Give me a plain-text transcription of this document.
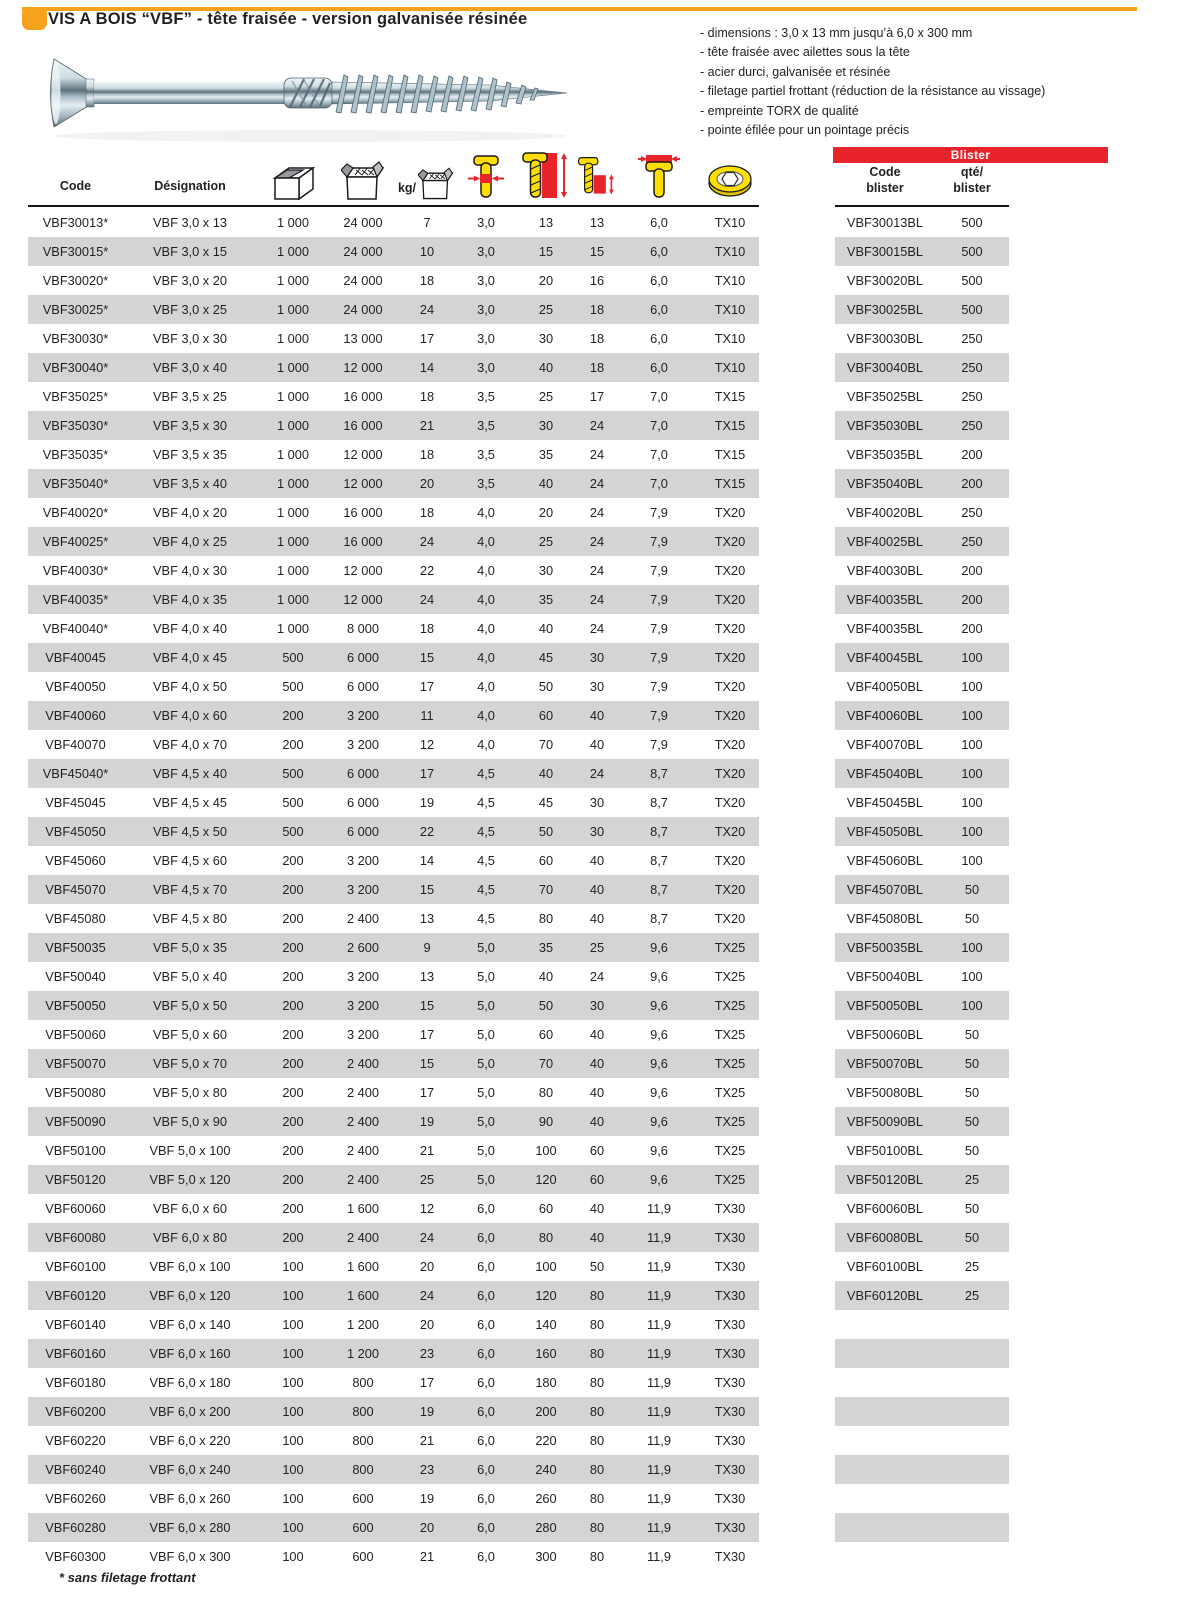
VIS A BOIS “VBF” - tête fraisée - version galvanisée résinée
- dimensions : 3,0 x 13 mm jusqu’à 6,0 x 300 mm
- tête fraisée avec ailettes sous la tête
- acier durci, galvanisée et résinée
- filetage partiel frottant (réduction de la résistance au vissage)
- empreinte TORX de qualité
- pointe éfilée pour un pointage précis
Code	Désignation	kg/
VBF30013*	VBF 3,0 x 13	1 000	24 000	7	3,0	13	13	6,0	TX10
VBF30015*	VBF 3,0 x 15	1 000	24 000	10	3,0	15	15	6,0	TX10
VBF30020*	VBF 3,0 x 20	1 000	24 000	18	3,0	20	16	6,0	TX10
VBF30025*	VBF 3,0 x 25	1 000	24 000	24	3,0	25	18	6,0	TX10
VBF30030*	VBF 3,0 x 30	1 000	13 000	17	3,0	30	18	6,0	TX10
VBF30040*	VBF 3,0 x 40	1 000	12 000	14	3,0	40	18	6,0	TX10
VBF35025*	VBF 3,5 x 25	1 000	16 000	18	3,5	25	17	7,0	TX15
VBF35030*	VBF 3,5 x 30	1 000	16 000	21	3,5	30	24	7,0	TX15
VBF35035*	VBF 3,5 x 35	1 000	12 000	18	3,5	35	24	7,0	TX15
VBF35040*	VBF 3,5 x 40	1 000	12 000	20	3,5	40	24	7,0	TX15
VBF40020*	VBF 4,0 x 20	1 000	16 000	18	4,0	20	24	7,9	TX20
VBF40025*	VBF 4,0 x 25	1 000	16 000	24	4,0	25	24	7,9	TX20
VBF40030*	VBF 4,0 x 30	1 000	12 000	22	4,0	30	24	7,9	TX20
VBF40035*	VBF 4,0 x 35	1 000	12 000	24	4,0	35	24	7,9	TX20
VBF40040*	VBF 4,0 x 40	1 000	8 000	18	4,0	40	24	7,9	TX20
VBF40045	VBF 4,0 x 45	500	6 000	15	4,0	45	30	7,9	TX20
VBF40050	VBF 4,0 x 50	500	6 000	17	4,0	50	30	7,9	TX20
VBF40060	VBF 4,0 x 60	200	3 200	11	4,0	60	40	7,9	TX20
VBF40070	VBF 4,0 x 70	200	3 200	12	4,0	70	40	7,9	TX20
VBF45040*	VBF 4,5 x 40	500	6 000	17	4,5	40	24	8,7	TX20
VBF45045	VBF 4,5 x 45	500	6 000	19	4,5	45	30	8,7	TX20
VBF45050	VBF 4,5 x 50	500	6 000	22	4,5	50	30	8,7	TX20
VBF45060	VBF 4,5 x 60	200	3 200	14	4,5	60	40	8,7	TX20
VBF45070	VBF 4,5 x 70	200	3 200	15	4,5	70	40	8,7	TX20
VBF45080	VBF 4,5 x 80	200	2 400	13	4,5	80	40	8,7	TX20
VBF50035	VBF 5,0 x 35	200	2 600	9	5,0	35	25	9,6	TX25
VBF50040	VBF 5,0 x 40	200	3 200	13	5,0	40	24	9,6	TX25
VBF50050	VBF 5,0 x 50	200	3 200	15	5,0	50	30	9,6	TX25
VBF50060	VBF 5,0 x 60	200	3 200	17	5,0	60	40	9,6	TX25
VBF50070	VBF 5,0 x 70	200	2 400	15	5,0	70	40	9,6	TX25
VBF50080	VBF 5,0 x 80	200	2 400	17	5,0	80	40	9,6	TX25
VBF50090	VBF 5,0 x 90	200	2 400	19	5,0	90	40	9,6	TX25
VBF50100	VBF 5,0 x 100	200	2 400	21	5,0	100	60	9,6	TX25
VBF50120	VBF 5,0 x 120	200	2 400	25	5,0	120	60	9,6	TX25
VBF60060	VBF 6,0 x 60	200	1 600	12	6,0	60	40	11,9	TX30
VBF60080	VBF 6,0 x 80	200	2 400	24	6,0	80	40	11,9	TX30
VBF60100	VBF 6,0 x 100	100	1 600	20	6,0	100	50	11,9	TX30
VBF60120	VBF 6,0 x 120	100	1 600	24	6,0	120	80	11,9	TX30
VBF60140	VBF 6,0 x 140	100	1 200	20	6,0	140	80	11,9	TX30
VBF60160	VBF 6,0 x 160	100	1 200	23	6,0	160	80	11,9	TX30
VBF60180	VBF 6,0 x 180	100	800	17	6,0	180	80	11,9	TX30
VBF60200	VBF 6,0 x 200	100	800	19	6,0	200	80	11,9	TX30
VBF60220	VBF 6,0 x 220	100	800	21	6,0	220	80	11,9	TX30
VBF60240	VBF 6,0 x 240	100	800	23	6,0	240	80	11,9	TX30
VBF60260	VBF 6,0 x 260	100	600	19	6,0	260	80	11,9	TX30
VBF60280	VBF 6,0 x 280	100	600	20	6,0	280	80	11,9	TX30
VBF60300	VBF 6,0 x 300	100	600	21	6,0	300	80	11,9	TX30
Blister
Code
blister
qté/
blister
VBF30013BL	500
VBF30015BL	500
VBF30020BL	500
VBF30025BL	500
VBF30030BL	250
VBF30040BL	250
VBF35025BL	250
VBF35030BL	250
VBF35035BL	200
VBF35040BL	200
VBF40020BL	250
VBF40025BL	250
VBF40030BL	200
VBF40035BL	200
VBF40035BL	200
VBF40045BL	100
VBF40050BL	100
VBF40060BL	100
VBF40070BL	100
VBF45040BL	100
VBF45045BL	100
VBF45050BL	100
VBF45060BL	100
VBF45070BL	50
VBF45080BL	50
VBF50035BL	100
VBF50040BL	100
VBF50050BL	100
VBF50060BL	50
VBF50070BL	50
VBF50080BL	50
VBF50090BL	50
VBF50100BL	50
VBF50120BL	25
VBF60060BL	50
VBF60080BL	50
VBF60100BL	25
VBF60120BL	25
* sans filetage frottant
